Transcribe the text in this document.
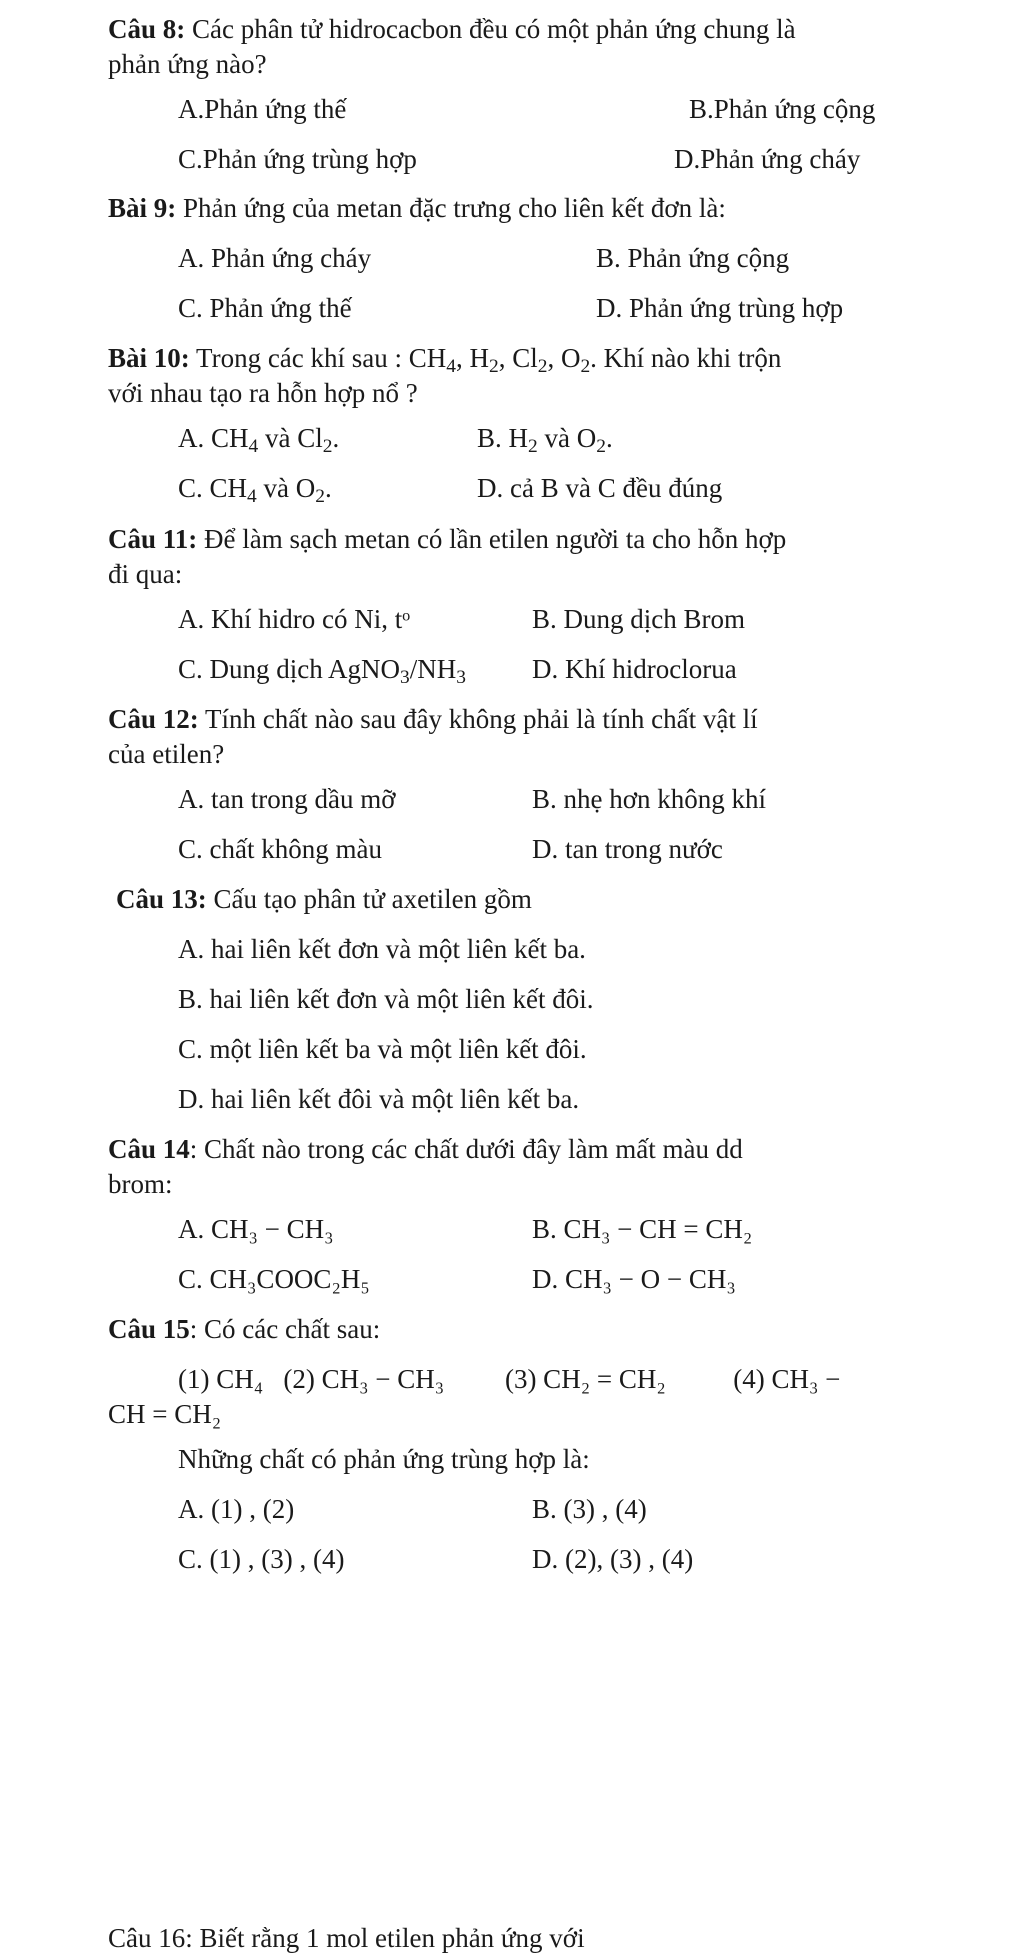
Câu 8: Các phân tử hidrocacbon đều có một phản ứng chung là
phản ứng nào?
A.Phản ứng thế	B.Phản ứng cộng
C.Phản ứng trùng hợp	D.Phản ứng cháy
Bài 9: Phản ứng của metan đặc trưng cho liên kết đơn là:
A. Phản ứng cháy	B. Phản ứng cộng
C. Phản ứng thế	D. Phản ứng trùng hợp
Bài 10: Trong các khí sau : $CH_4$, $H_2$, $Cl_2$, $O_2$. Khí nào khi trộn
với nhau tạo ra hỗn hợp nổ ?
A. $CH_4$ và $Cl_2$.	B. $H_2$ và $O_2$.
C. $CH_4$ và $O_2$.	D. cả B và C đều đúng
Câu 11: Để làm sạch metan có lần etilen người ta cho hỗn hợp
đi qua:
A. Khí hidro có Ni, tᵒ	B. Dung dịch Brom
C. Dung dịch $AgNO_3/NH_3$ D. Khí hidroclorua
Câu 12: Tính chất nào sau đây không phải là tính chất vật lí
của etilen?
A. tan trong dầu mỡ	B. nhẹ hơn không khí
C. chất không màu	D. tan trong nước
Câu 13: Cấu tạo phân tử axetilen gồm
A. hai liên kết đơn và một liên kết ba.
B. hai liên kết đơn và một liên kết đôi.
C. một liên kết ba và một liên kết đôi.
D. hai liên kết đôi và một liên kết ba.
Câu 14: Chất nào trong các chất dưới đây làm mất màu dd
brom:
A. CH₃ − CH₃	B. CH₃ − CH = CH₂
C. CH₃COOC₂H₅	D. CH₃ − O − CH₃
Câu 15: Có các chất sau:
(1) CH₄   (2) CH₃ − CH₃         (3) CH₂ = CH₂          (4) CH₃ −
CH = CH₂
Những chất có phản ứng trùng hợp là:
A. (1) , (2)	B. (3) , (4)
C. (1) , (3) , (4)	D. (2), (3) , (4)
Câu 16: Biết rằng 1 mol etilen phản ứng với
